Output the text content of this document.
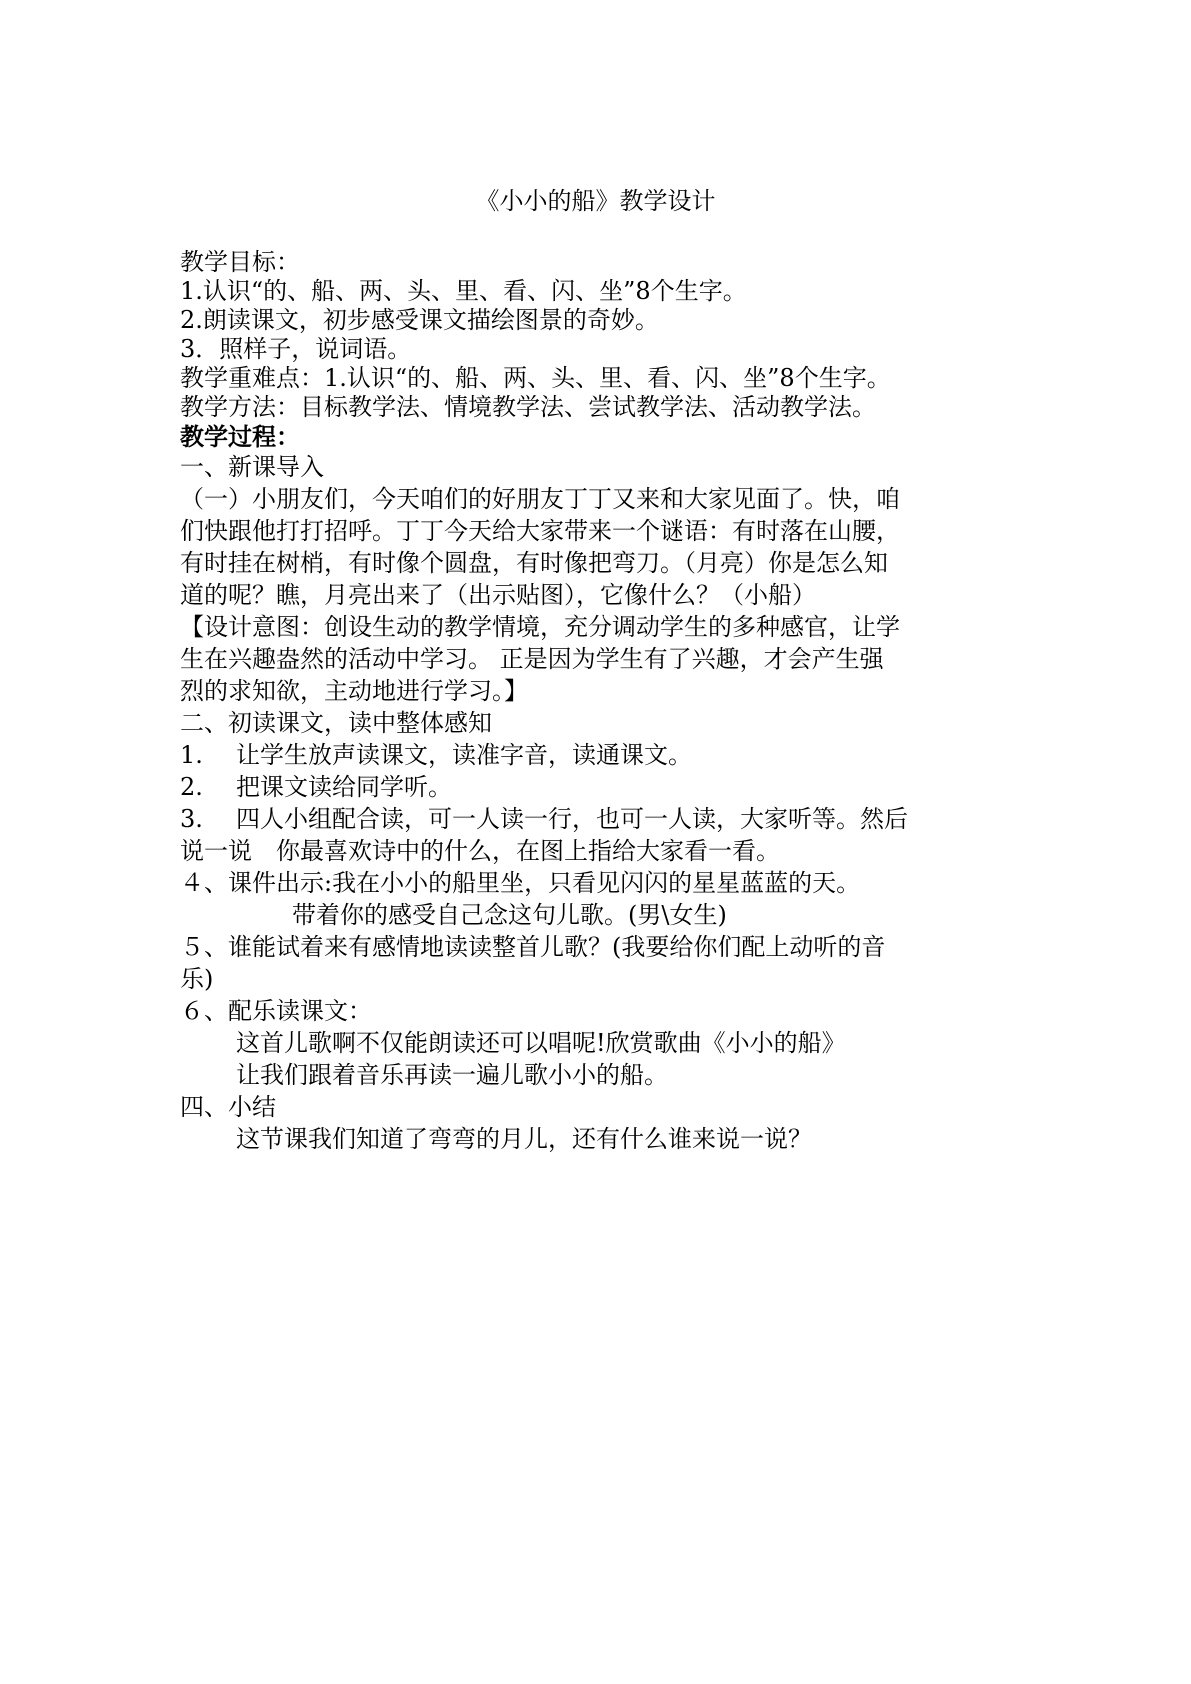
《小小的船》教学设计
教学目标：
1.认识“的、船、两、头、里、看、闪、坐”8个生字。
2.朗读课文，初步感受课文描绘图景的奇妙。
3．照样子，说词语。
教学重难点：1.认识“的、船、两、头、里、看、闪、坐”8个生字。
教学方法：目标教学法、情境教学法、尝试教学法、活动教学法。
教学过程：
一、新课导入
（一）小朋友们，今天咱们的好朋友丁丁又来和大家见面了。快，咱
们快跟他打打招呼。丁丁今天给大家带来一个谜语：有时落在山腰，
有时挂在树梢，有时像个圆盘，有时像把弯刀。（月亮）你是怎么知
道的呢？瞧，月亮出来了（出示贴图），它像什么？（小船）
【设计意图：创设生动的教学情境，充分调动学生的多种感官，让学
生在兴趣盎然的活动中学习。 正是因为学生有了兴趣，才会产生强
烈的求知欲，主动地进行学习。】
二、初读课文，读中整体感知
1. 让学生放声读课文，读准字音，读通课文。
2. 把课文读给同学听。
3. 四人小组配合读，可一人读一行，也可一人读，大家听等。然后
说一说　你最喜欢诗中的什么，在图上指给大家看一看。
４、课件出示:我在小小的船里坐，只看见闪闪的星星蓝蓝的天。
带着你的感受自己念这句儿歌。(男\女生)
５、谁能试着来有感情地读读整首儿歌？(我要给你们配上动听的音
乐)
６、配乐读课文：
这首儿歌啊不仅能朗读还可以唱呢!欣赏歌曲《小小的船》
让我们跟着音乐再读一遍儿歌小小的船。
四、小结
这节课我们知道了弯弯的月儿，还有什么谁来说一说？
